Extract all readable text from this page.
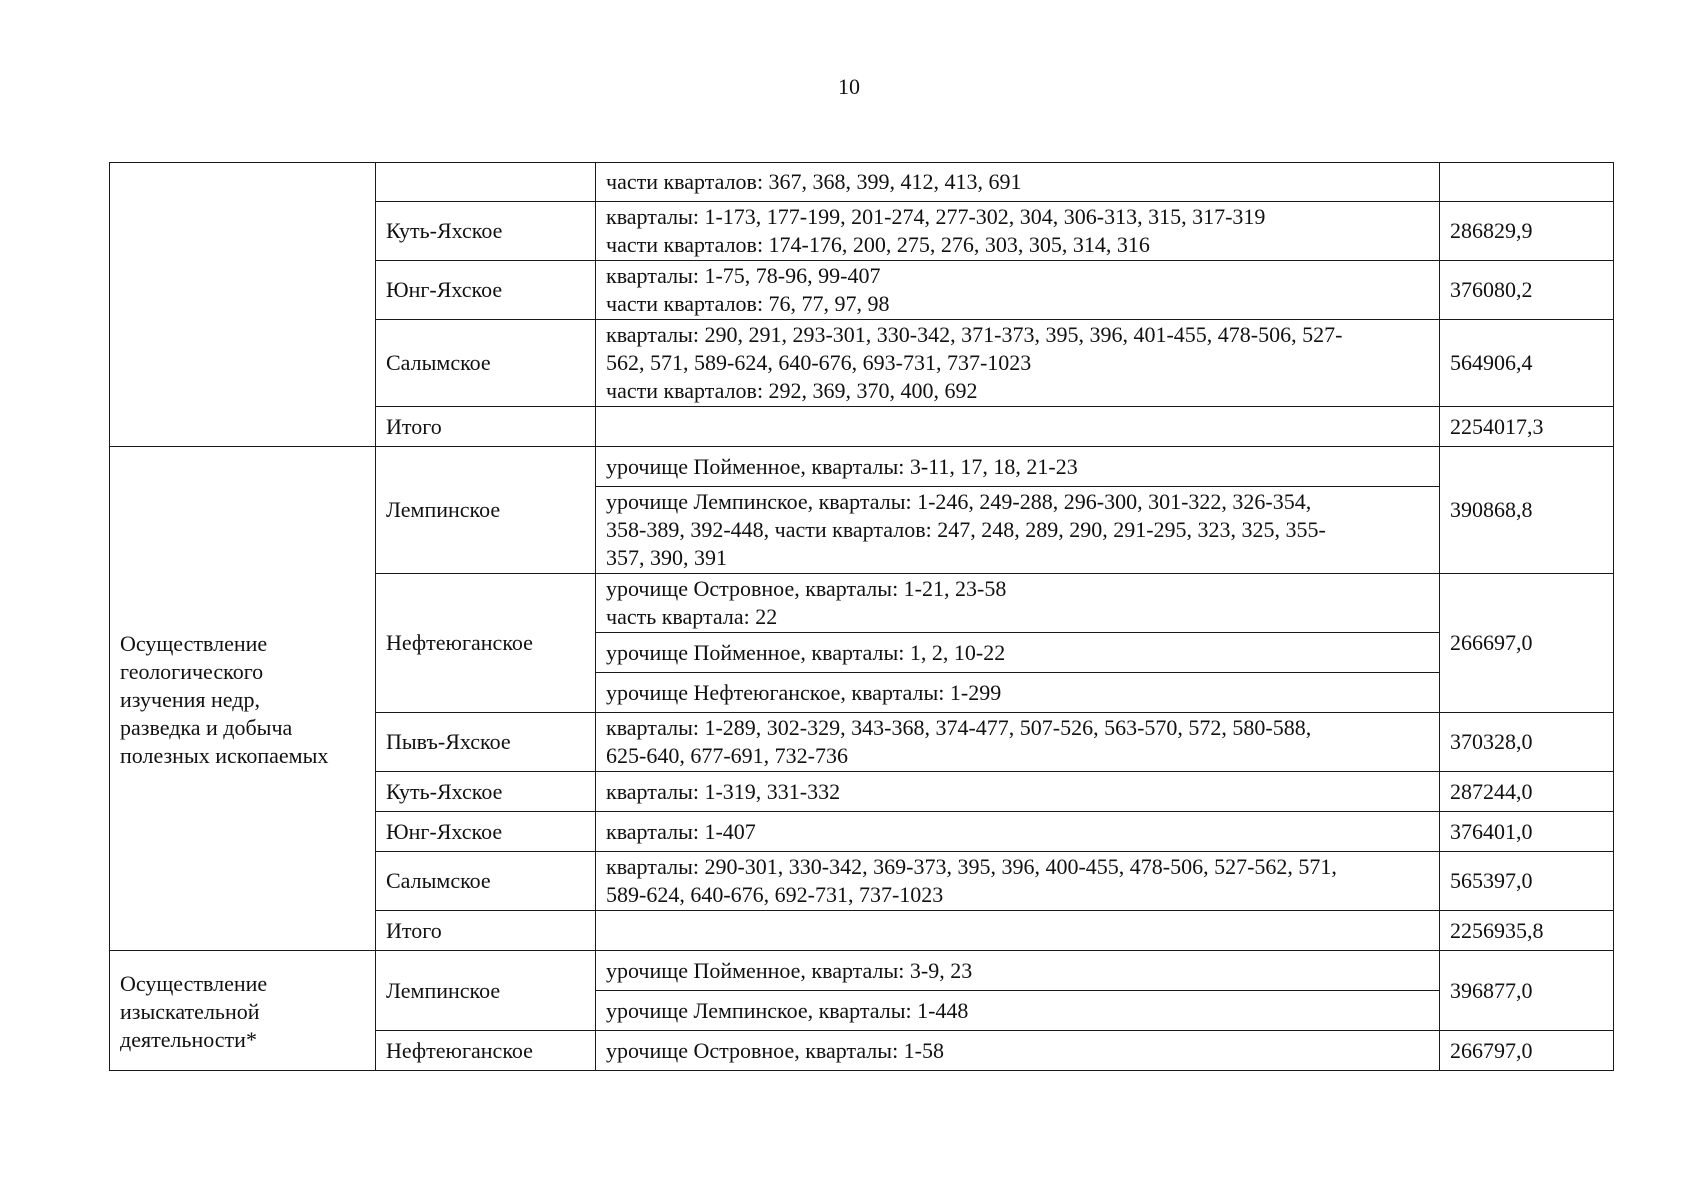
10

		части кварталов: 367, 368, 399, 412, 413, 691	

	Куть-Яхское	кварталы: 1-173, 177-199, 201-274, 277-302, 304, 306-313, 315, 317-319
части кварталов: 174-176, 200, 275, 276, 303, 305, 314, 316	286829,9
	Юнг-Яхское	кварталы: 1-75, 78-96, 99-407
части кварталов: 76, 77, 97, 98	376080,2
	Салымское	кварталы: 290, 291, 293-301, 330-342, 371-373, 395, 396, 401-455, 478-506, 527-
562, 571, 589-624, 640-676, 693-731, 737-1023
части кварталов: 292, 369, 370, 400, 692	564906,4
	Итого		2254017,3

Осуществление
геологического
изучения недр,
разведка и добыча
полезных ископаемых	Лемпинское	урочище Пойменное, кварталы: 3-11, 17, 18, 21-23	390868,8

		урочище Лемпинское, кварталы: 1-246, 249-288, 296-300, 301-322, 326-354,
358-389, 392-448, части кварталов: 247, 248, 289, 290, 291-295, 323, 325, 355-
357, 390, 391	

	Нефтеюганское	урочище Островное, кварталы: 1-21, 23-58
часть квартала: 22	266697,0

		урочище Пойменное, кварталы: 1, 2, 10-22	

		урочище Нефтеюганское, кварталы: 1-299	

	Пывъ-Яхское	кварталы: 1-289, 302-329, 343-368, 374-477, 507-526, 563-570, 572, 580-588,
625-640, 677-691, 732-736	370328,0
	Куть-Яхское	кварталы: 1-319, 331-332	287244,0
	Юнг-Яхское	кварталы: 1-407	376401,0
	Салымское	кварталы: 290-301, 330-342, 369-373, 395, 396, 400-455, 478-506, 527-562, 571,
589-624, 640-676, 692-731, 737-1023	565397,0
	Итого		2256935,8

Осуществление
изыскательной
деятельности*	Лемпинское	урочище Пойменное, кварталы: 3-9, 23	396877,0

		урочище Лемпинское, кварталы: 1-448	

	Нефтеюганское	урочище Островное, кварталы: 1-58	266797,0
